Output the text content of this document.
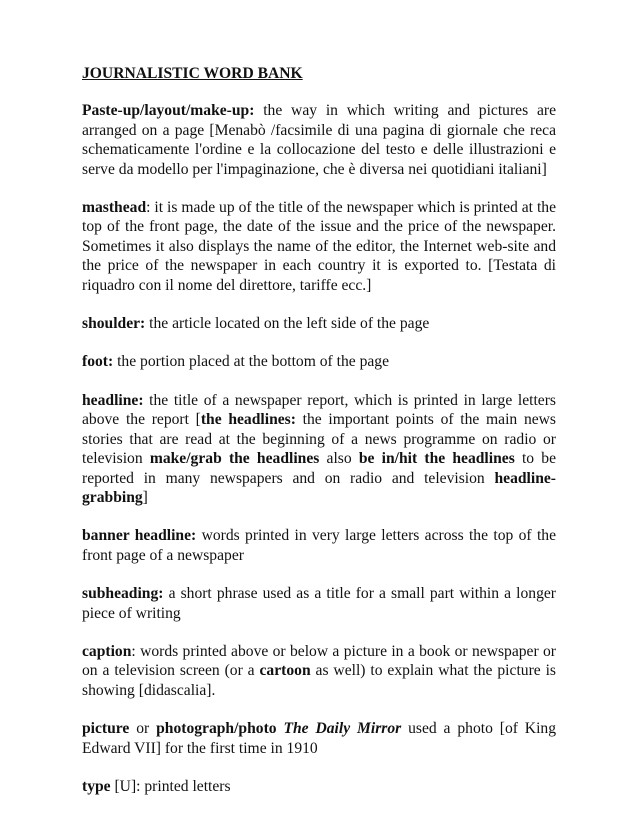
JOURNALISTIC WORD BANK

Paste-up/layout/make-up: the way in which writing and pictures are arranged on a page [Menabò /facsimile di una pagina di giornale che reca schematicamente l'ordine e la collocazione del testo e delle illustrazioni e serve da modello per l'impaginazione, che è diversa nei quotidiani italiani]

masthead: it is made up of the title of the newspaper which is printed at the top of the front page, the date of the issue and the price of the newspaper. Sometimes it also displays the name of the editor, the Internet web-site and the price of the newspaper in each country it is exported to. [Testata di riquadro con il nome del direttore, tariffe ecc.]

shoulder: the article located on the left side of the page

foot: the portion placed at the bottom of the page

headline: the title of a newspaper report, which is printed in large letters above the report [the headlines: the important points of the main news stories that are read at the beginning of a news programme on radio or television make/grab the headlines also be in/hit the headlines to be reported in many newspapers and on radio and television headline-grabbing]

banner headline: words printed in very large letters across the top of the front page of a newspaper

subheading: a short phrase used as a title for a small part within a longer piece of writing

caption: words printed above or below a picture in a book or newspaper or on a television screen (or a cartoon as well) to explain what the picture is showing [didascalia].

picture or photograph/photo The Daily Mirror used a photo [of King Edward VII] for the first time in 1910

type [U]: printed letters
